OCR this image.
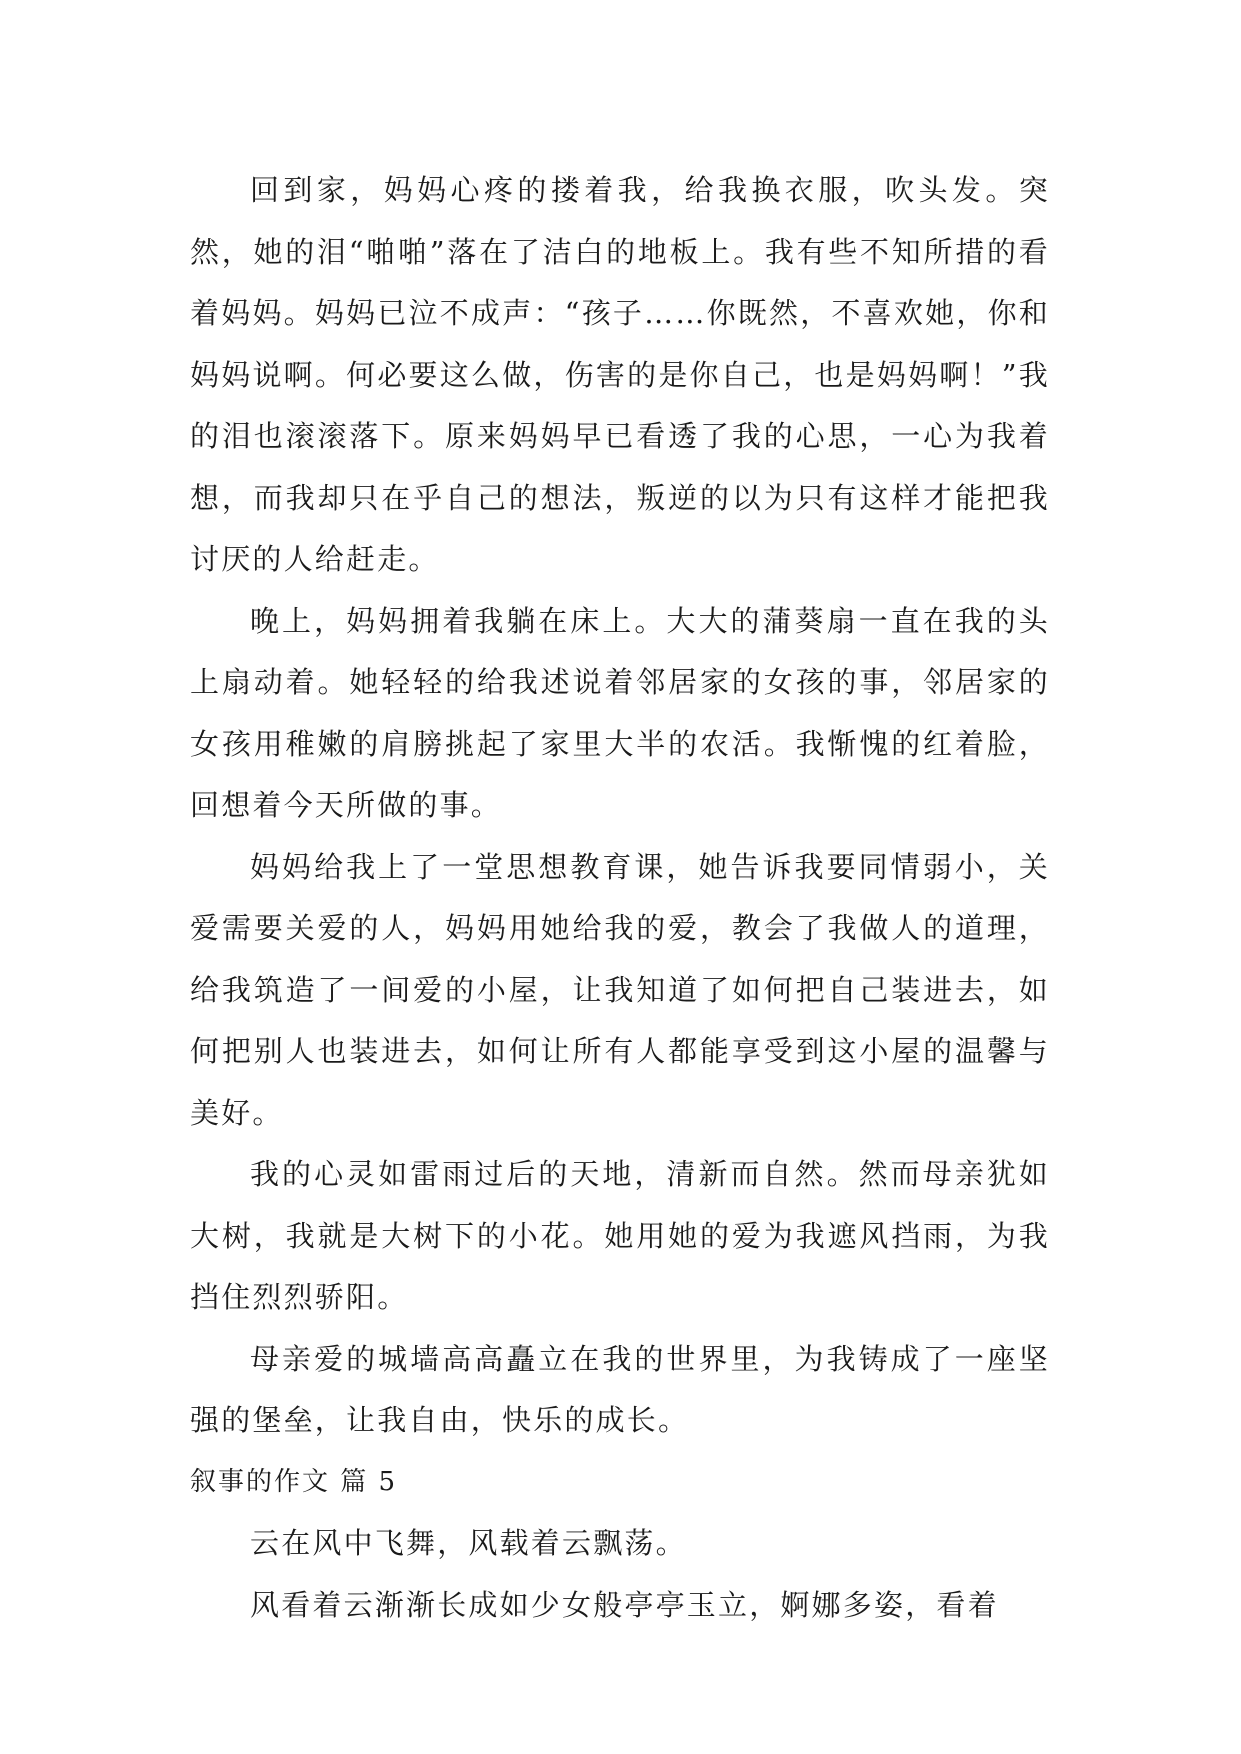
回到家，妈妈心疼的搂着我，给我换衣服，吹头发。突然，她的泪“啪啪”落在了洁白的地板上。我有些不知所措的看着妈妈。妈妈已泣不成声：“孩子……你既然，不喜欢她，你和妈妈说啊。何必要这么做，伤害的是你自己，也是妈妈啊！”我的泪也滚滚落下。原来妈妈早已看透了我的心思，一心为我着想，而我却只在乎自己的想法，叛逆的以为只有这样才能把我讨厌的人给赶走。

晚上，妈妈拥着我躺在床上。大大的蒲葵扇一直在我的头上扇动着。她轻轻的给我述说着邻居家的女孩的事，邻居家的女孩用稚嫩的肩膀挑起了家里大半的农活。我惭愧的红着脸，回想着今天所做的事。

妈妈给我上了一堂思想教育课，她告诉我要同情弱小，关爱需要关爱的人，妈妈用她给我的爱，教会了我做人的道理，给我筑造了一间爱的小屋，让我知道了如何把自己装进去，如何把别人也装进去，如何让所有人都能享受到这小屋的温馨与美好。

我的心灵如雷雨过后的天地，清新而自然。然而母亲犹如大树，我就是大树下的小花。她用她的爱为我遮风挡雨，为我挡住烈烈骄阳。

母亲爱的城墙高高矗立在我的世界里，为我铸成了一座坚强的堡垒，让我自由，快乐的成长。

叙事的作文 篇 5

云在风中飞舞，风载着云飘荡。

风看着云渐渐长成如少女般亭亭玉立，婀娜多姿，看着
